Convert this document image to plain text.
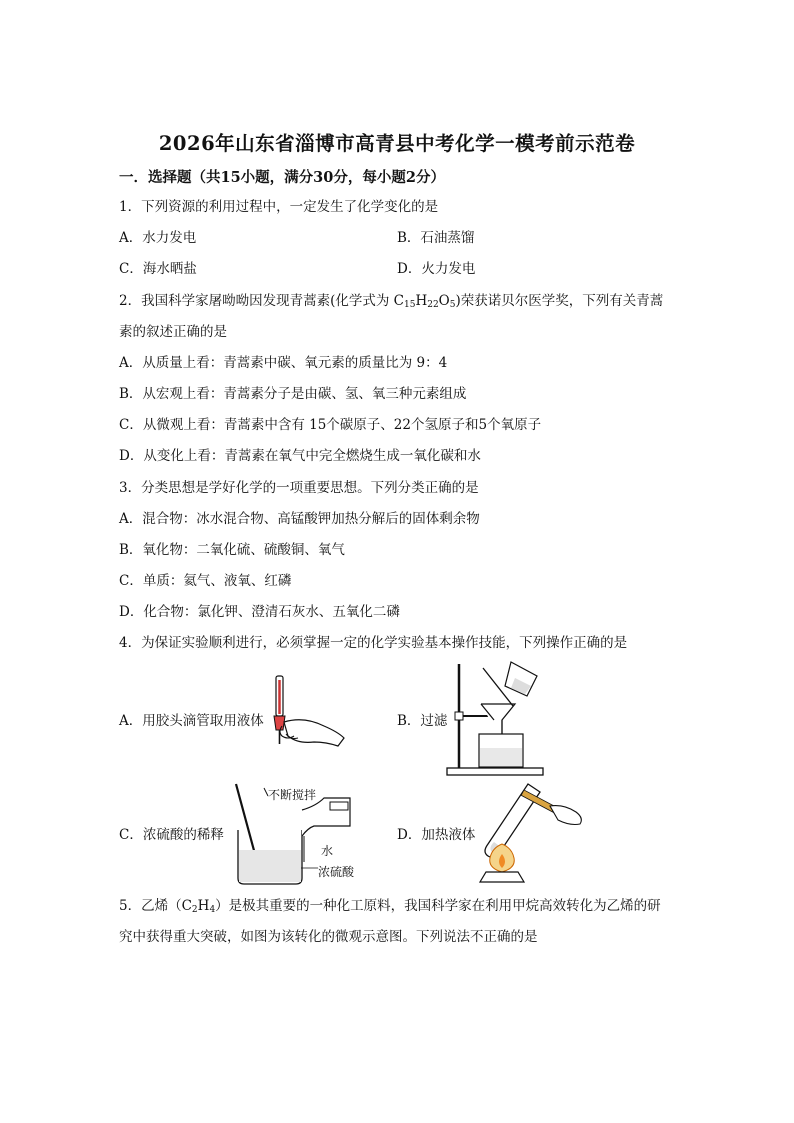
2026年山东省淄博市高青县中考化学一模考前示范卷
一．选择题（共15小题，满分30分，每小题2分）
1．下列资源的利用过程中，一定发生了化学变化的是
A．水力发电	B．石油蒸馏
C．海水晒盐	D．火力发电
2．我国科学家屠呦呦因发现青蒿素(化学式为 $C_{15}H_{22}O_5$)荣获诺贝尔医学奖，下列有关青蒿
素的叙述正确的是
A．从质量上看：青蒿素中碳、氧元素的质量比为 9：4
B．从宏观上看：青蒿素分子是由碳、氢、氧三种元素组成
C．从微观上看：青蒿素中含有 15个碳原子、22个氢原子和5个氧原子
D．从变化上看：青蒿素在氧气中完全燃烧生成一氧化碳和水
3．分类思想是学好化学的一项重要思想。下列分类正确的是
A．混合物：冰水混合物、高锰酸钾加热分解后的固体剩余物
B．氧化物：二氧化硫、硫酸铜、氧气
C．单质：氦气、液氧、红磷
D．化合物：氯化钾、澄清石灰水、五氧化二磷
4．为保证实验顺利进行，必须掌握一定的化学实验基本操作技能，下列操作正确的是
A．用胶头滴管取用液体	B．过滤
C．浓硫酸的稀释
不断搅拌
水
浓硫酸
D．加热液体
5．乙烯$(C_2H_4)$是极其重要的一种化工原料，我国科学家在利用甲烷高效转化为乙烯的研
究中获得重大突破，如图为该转化的微观示意图。下列说法不正确的是
